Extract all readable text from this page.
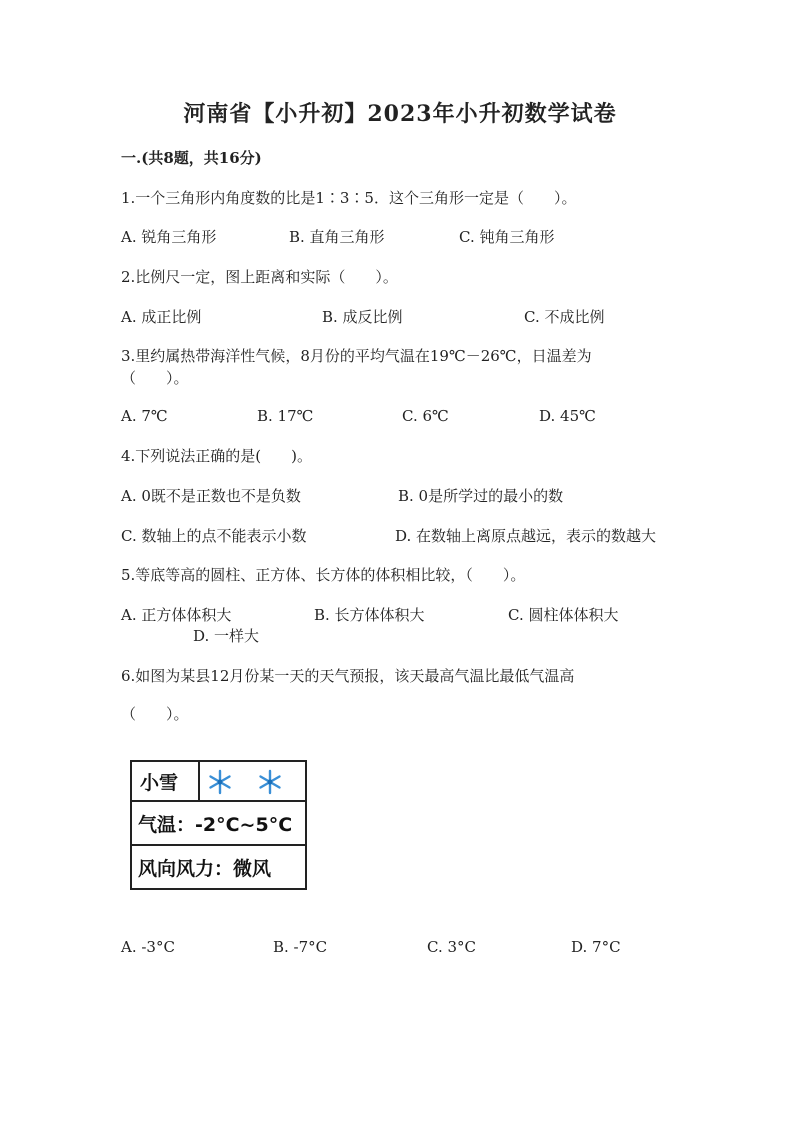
河南省【小升初】2023年小升初数学试卷
一.(共8题，共16分)
1.一个三角形内角度数的比是1∶3∶5．这个三角形一定是（　　）。
A. 锐角三角形	B. 直角三角形	C. 钝角三角形
2.比例尺一定，图上距离和实际（　　）。
A. 成正比例	B. 成反比例	C. 不成比例
3.里约属热带海洋性气候，8月份的平均气温在19℃－26℃，日温差为
（　　）。
A. 7℃	B. 17℃	C. 6℃	D. 45℃
4.下列说法正确的是(　　)。
A. 0既不是正数也不是负数	B. 0是所学过的最小的数
C. 数轴上的点不能表示小数	D. 在数轴上离原点越远，表示的数越大
5.等底等高的圆柱、正方体、长方体的体积相比较，（　　）。
A. 正方体体积大	B. 长方体体积大	C. 圆柱体体积大
D. 一样大
6.如图为某县12月份某一天的天气预报，该天最高气温比最低气温高
（　　）。
小雪
气温：-2°C~5°C
风向风力：微风
A. -3°C	B. -7°C	C. 3°C	D. 7°C
